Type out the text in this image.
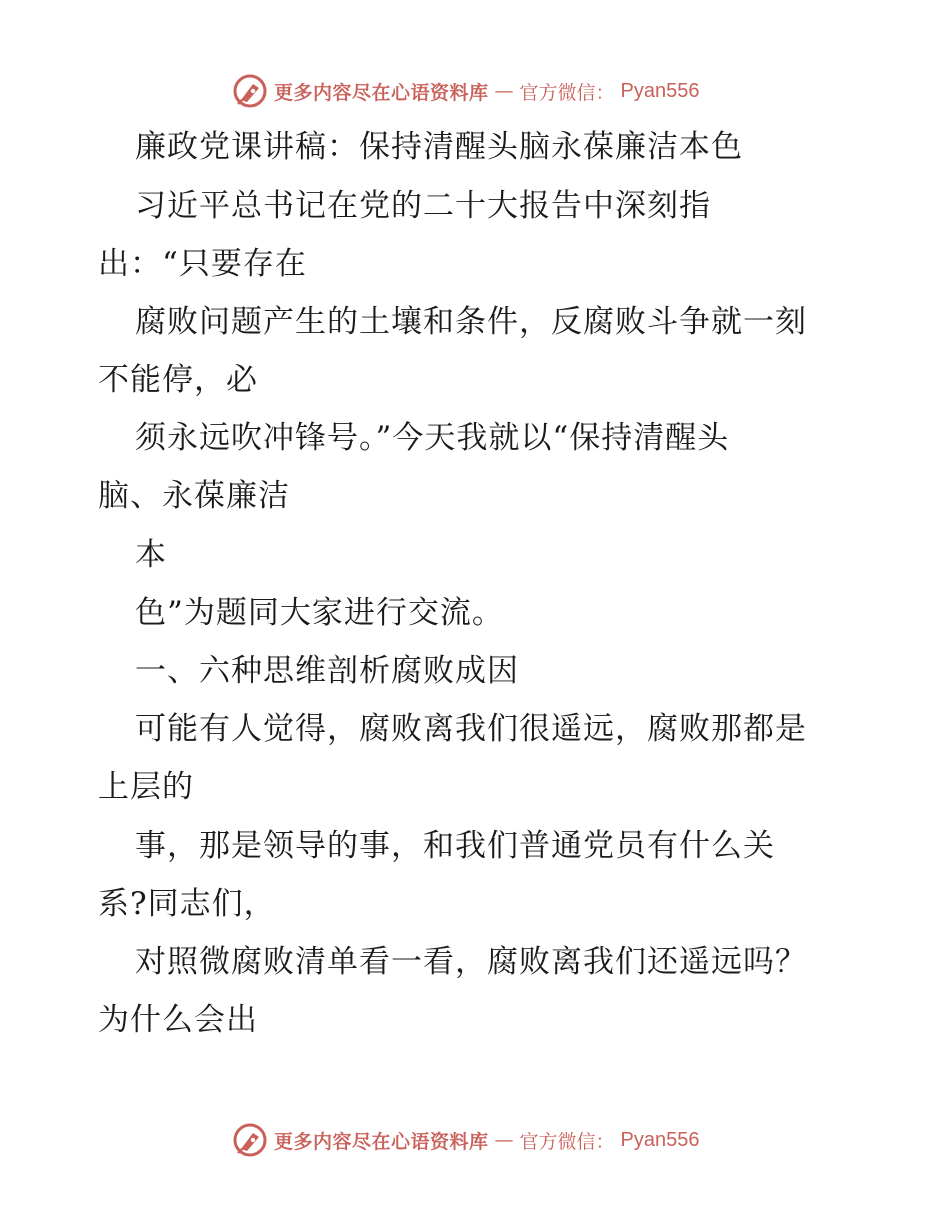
更多内容尽在心语资料库 — 官方微信： Pyan556
廉政党课讲稿：保持清醒头脑永葆廉洁本色
习近平总书记在党的二十大报告中深刻指
出：“只要存在
腐败问题产生的土壤和条件，反腐败斗争就一刻
不能停，必
须永远吹冲锋号。”今天我就以“保持清醒头
脑、永葆廉洁
本
色”为题同大家进行交流。
一、六种思维剖析腐败成因
可能有人觉得，腐败离我们很遥远，腐败那都是
上层的
事，那是领导的事，和我们普通党员有什么关
系?同志们，
对照微腐败清单看一看，腐败离我们还遥远吗？
为什么会出
更多内容尽在心语资料库 — 官方微信： Pyan556
